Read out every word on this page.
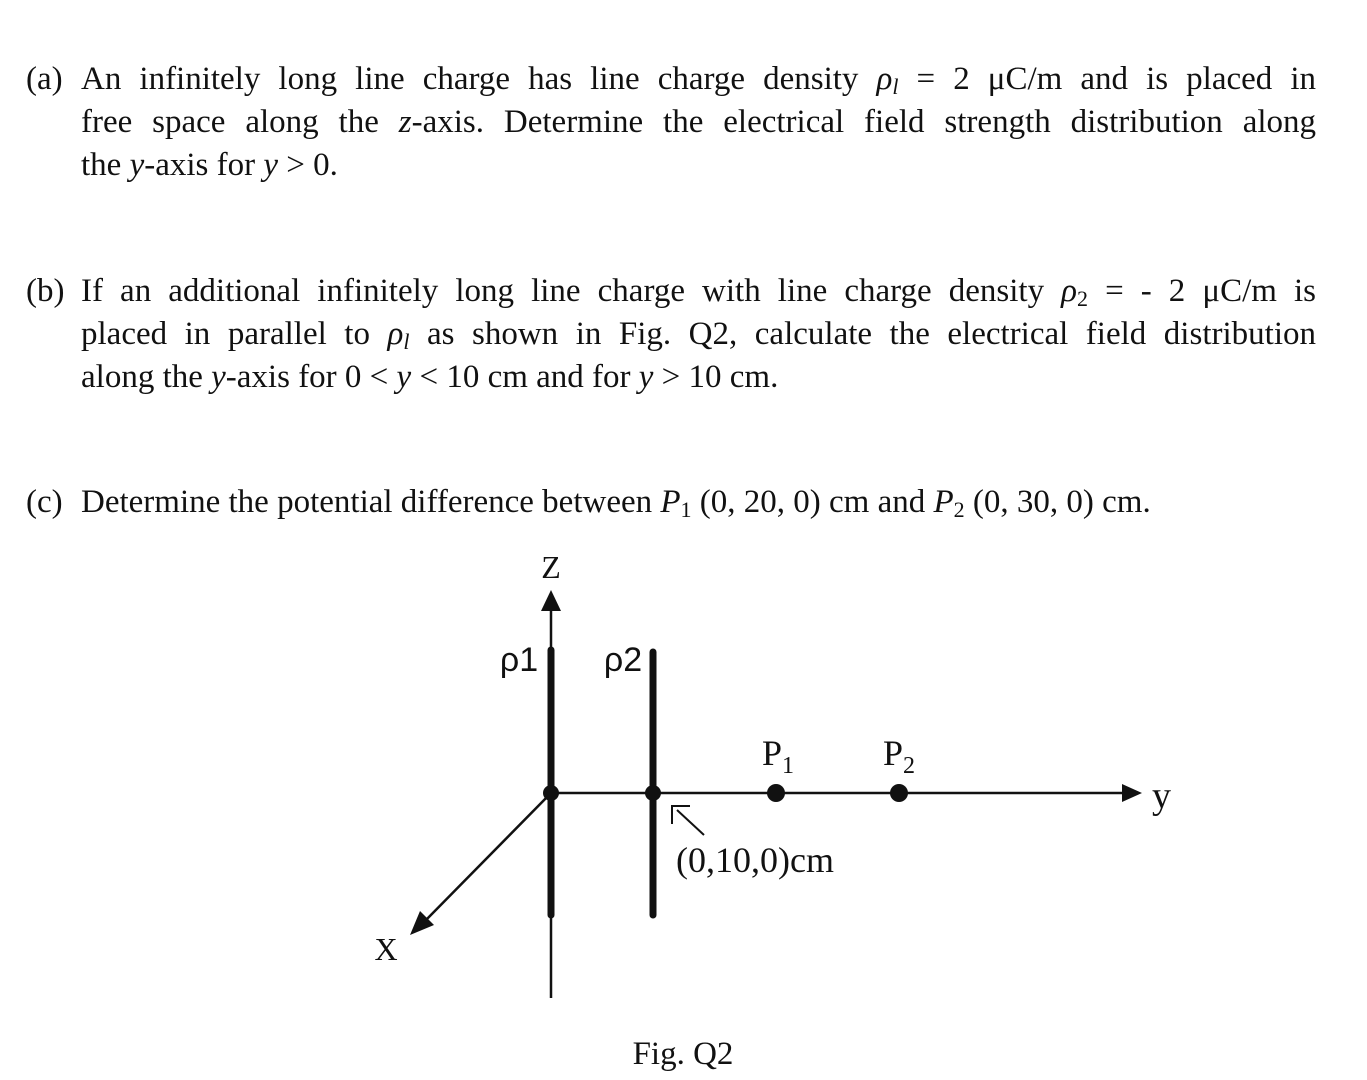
(a) An infinitely long line charge has line charge density $\rho_l = 2$ μC/m and is placed in
free space along the z-axis. Determine the electrical field strength distribution along
the y-axis for y > 0.
(b) If an additional infinitely long line charge with line charge density $\rho_2$ = - 2 μC/m is
placed in parallel to $\rho_l$ as shown in Fig. Q2, calculate the electrical field distribution
along the y-axis for 0 < y < 10 cm and for y > 10 cm.
(c) Determine the potential difference between $P_1$ (0, 20, 0) cm and $P_2$ (0, 30, 0) cm.
Z
y
X
ρ1 ρ2
$P_1$ $P_2$
(0,10,0)cm
Fig. Q2
